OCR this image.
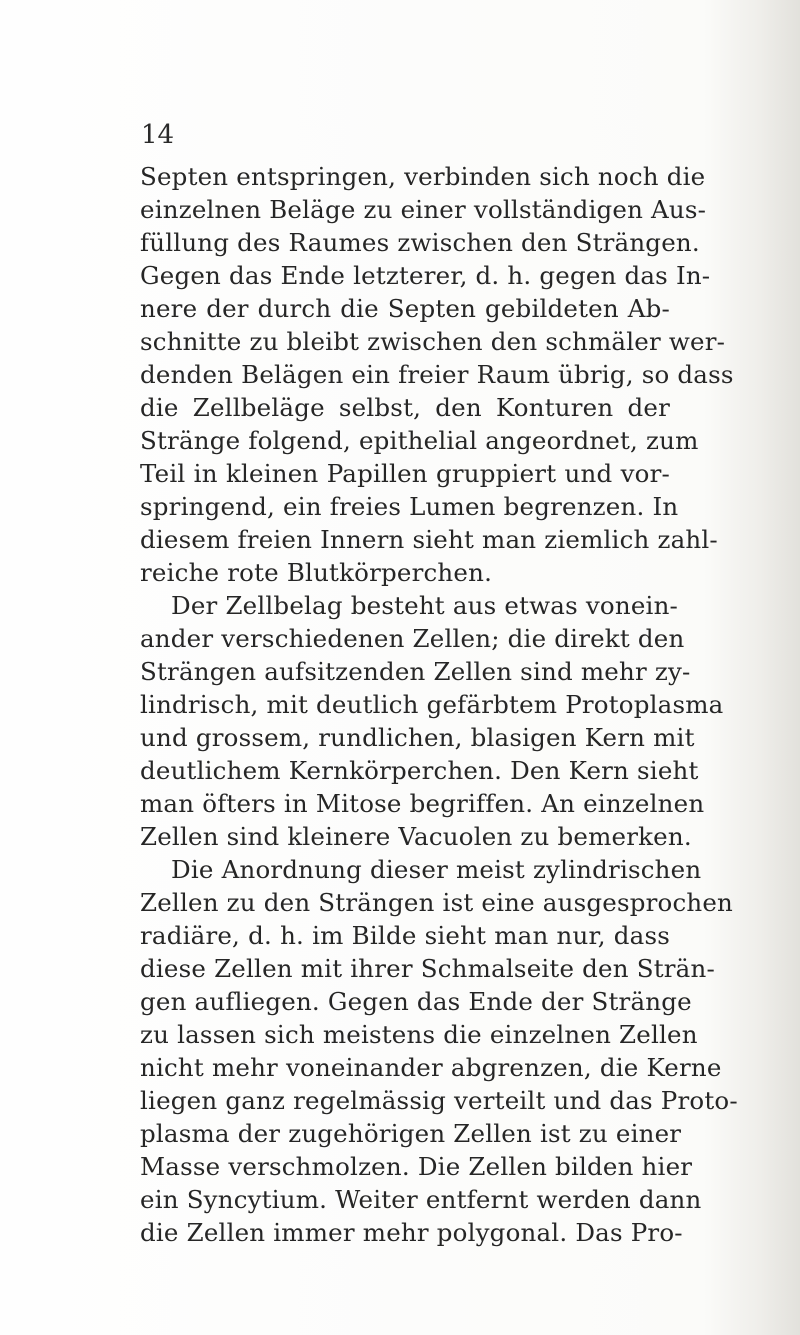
14
Septen entspringen, verbinden sich noch die
einzelnen Beläge zu einer vollständigen Aus-
füllung des Raumes zwischen den Strängen.
Gegen das Ende letzterer, d. h. gegen das In-
nere der durch die Septen gebildeten Ab-
schnitte zu bleibt zwischen den schmäler wer-
denden Belägen ein freier Raum übrig, so dass
die Zellbeläge selbst, den Konturen der
Stränge folgend, epithelial angeordnet, zum
Teil in kleinen Papillen gruppiert und vor-
springend, ein freies Lumen begrenzen. In
diesem freien Innern sieht man ziemlich zahl-
reiche rote Blutkörperchen.
Der Zellbelag besteht aus etwas vonein-
ander verschiedenen Zellen; die direkt den
Strängen aufsitzenden Zellen sind mehr zy-
lindrisch, mit deutlich gefärbtem Protoplasma
und grossem, rundlichen, blasigen Kern mit
deutlichem Kernkörperchen. Den Kern sieht
man öfters in Mitose begriffen. An einzelnen
Zellen sind kleinere Vacuolen zu bemerken.
Die Anordnung dieser meist zylindrischen
Zellen zu den Strängen ist eine ausgesprochen
radiäre, d. h. im Bilde sieht man nur, dass
diese Zellen mit ihrer Schmalseite den Strän-
gen aufliegen. Gegen das Ende der Stränge
zu lassen sich meistens die einzelnen Zellen
nicht mehr voneinander abgrenzen, die Kerne
liegen ganz regelmässig verteilt und das Proto-
plasma der zugehörigen Zellen ist zu einer
Masse verschmolzen. Die Zellen bilden hier
ein Syncytium. Weiter entfernt werden dann
die Zellen immer mehr polygonal. Das Pro-
